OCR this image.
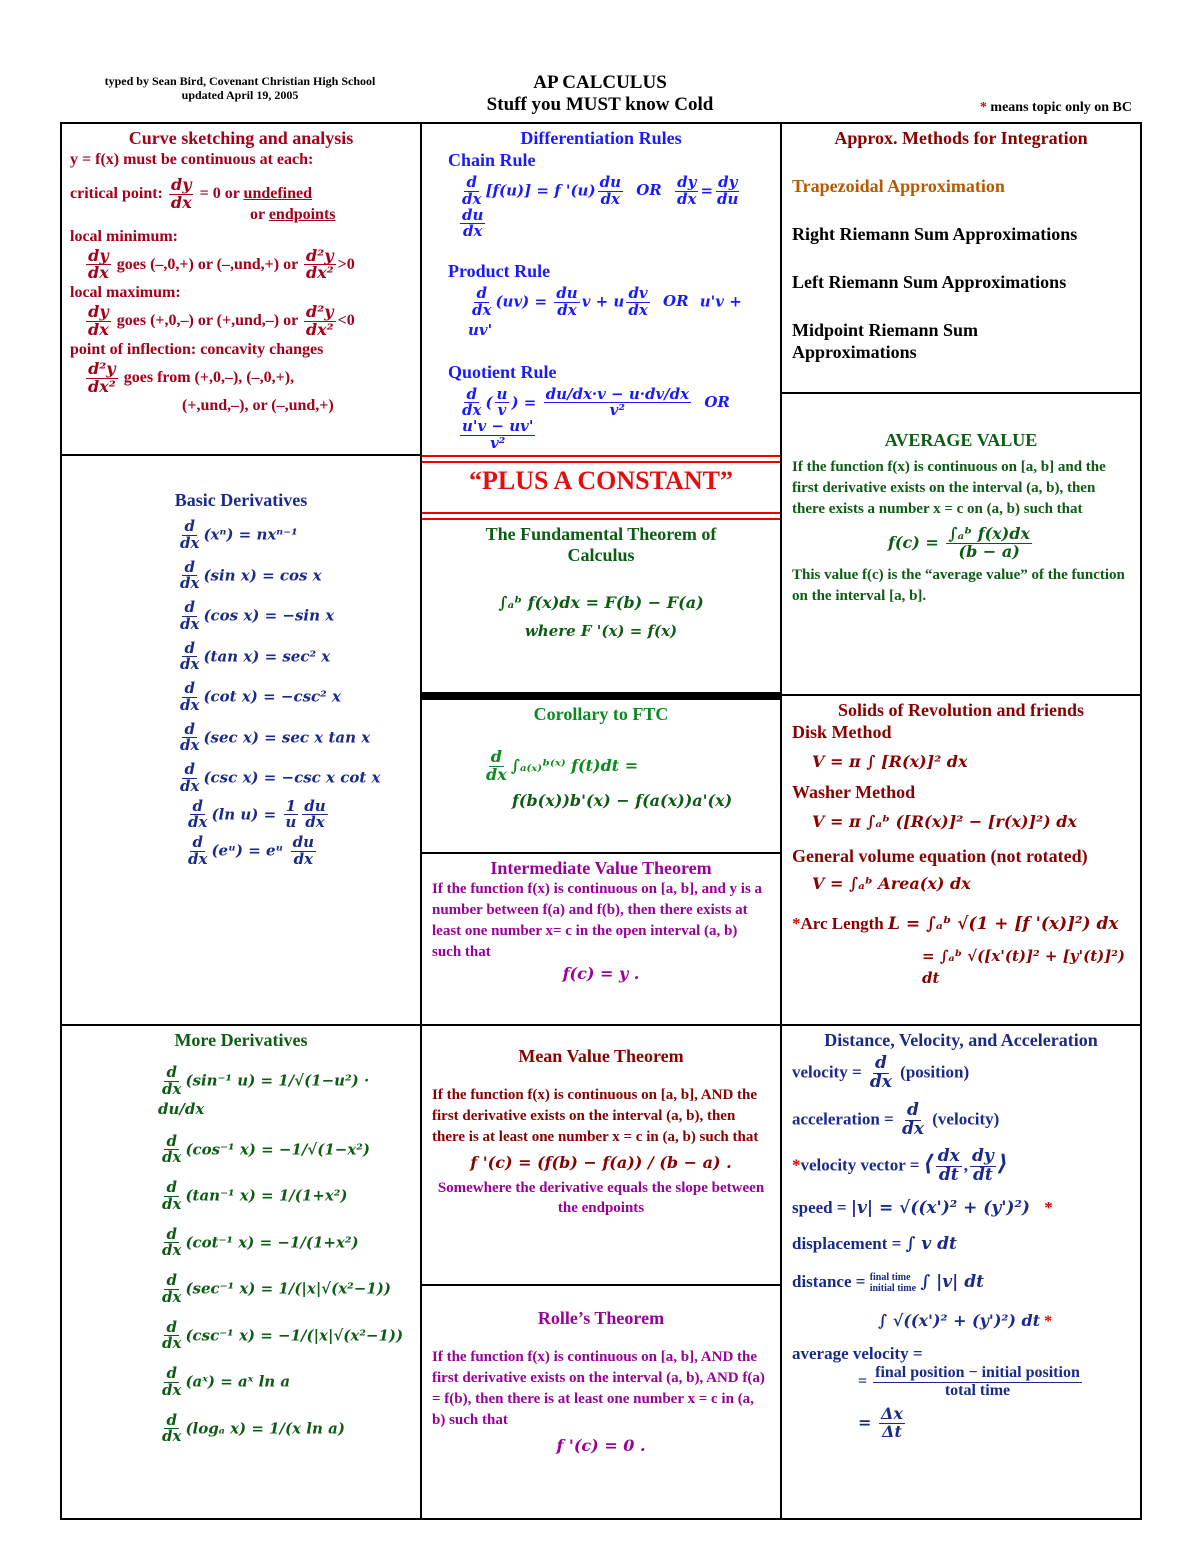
typed by Sean Bird, Covenant Christian High School
updated April 19, 2005
AP CALCULUS
Stuff you MUST know Cold	* means topic only on BC
Curve sketching and analysis
y = f(x) must be continuous at each:
critical point: $\frac{dy}{dx} = 0$ or undefined
or endpoints
local minimum:
$\frac{dy}{dx}$ goes (–,0,+) or (–,und,+) or $\frac{\text{d²y}}{\text{dx²}} >0$
local maximum:
$\frac{dy}{dx}$ goes (+,0,–) or (+,und,–) or $\frac{\text{d²y}}{\text{dx²}} <0$
point of inflection: concavity changes
$\frac{\text{d²y}}{\text{dx²}}$ goes from (+,0,–), (–,0,+),
(+,und,–), or (–,und,+)
Differentiation Rules
Chain Rule
$\frac{d}{dx} [f(u)] = f$ '$(u) \frac{du}{dx}$ OR $\frac{dy}{dx} = \frac{dy}{du}$
$\frac{du}{dx}$
Product Rule
$\frac{d}{dx} (uv) = \frac{du}{dx}$ v + u $\frac{dv}{dx}$ OR u'v + uv'
Quotient Rule
$\frac{d}{dx}$ ( $\frac{u}{v}$ ) = $\frac{du/dx\cdot v - u\cdot dv/dx}{\text{v²}}$ OR
$\frac{u'v - uv'}{\text{v²}}$
Approx. Methods for Integration
Trapezoidal Approximation
Right Riemann Sum Approximations
Left Riemann Sum Approximations
Midpoint Riemann Sum Approximations
“PLUS A CONSTANT”
The Fundamental Theorem of Calculus
∫ₐᵇ f(x)dx = F(b) − F(a)
where F '(x) = f(x)
AVERAGE VALUE
If the function f(x) is continuous on [a, b] and the first derivative exists on the interval (a, b), then there exists a number x = c on (a, b) such that
$f(c) = \frac{\text{∫ₐᵇ f(x)dx}}{(b - a)}$
This value f(c) is the “average value” of the function on the interval [a, b].
Basic Derivatives
$\frac{d}{dx} (x^n) = nx^{n-1}$
$\frac{d}{dx} (\sin$ x) = cos x
$\frac{d}{dx} (\cos$ x) = −sin x
$\frac{d}{dx} (\tan$ x) = sec² x
$\frac{d}{dx} (\cot$ x) = −csc² x
$\frac{d}{dx} (\sec$ x) = sec x tan x
$\frac{d}{dx} (\csc$ x) = −csc x cot x
$\frac{d}{dx} (\ln$ $u) = \frac{1}{u} \frac{du}{dx}$
$\frac{d}{dx}$ (eᵘ) = eᵘ $\frac{du}{dx}$
Corollary to FTC
$\frac{d}{dx}$ ∫ₐ₍ₓ₎ᵇ⁽ˣ⁾ f(t)dt =
f(b(x))b'(x) − f(a(x))a'(x)
Intermediate Value Theorem
If the function f(x) is continuous on [a, b], and y is a number between f(a) and f(b), then there exists at least one number x= c in the open interval (a, b) such that
f(c) = y .
Solids of Revolution and friends
Disk Method
V = π ∫ [R(x)]² dx
Washer Method
V = π ∫ₐᵇ ([R(x)]² − [r(x)]²) dx
General volume equation (not rotated)
V = ∫ₐᵇ Area(x) dx
*Arc Length L = ∫ₐᵇ √(1 + [f '(x)]²) dx
= ∫ₐᵇ √([x'(t)]² + [y'(t)]²) dt
More Derivatives
$\frac{d}{dx} (\sin^{-1}$ u) = 1/√(1−u²) · du/dx
$\frac{d}{dx} (\cos^{-1}$ x) = −1/√(1−x²)
$\frac{d}{dx} (\tan^{-1}$ x) = 1/(1+x²)
$\frac{d}{dx} (\cot^{-1}$ x) = −1/(1+x²)
$\frac{d}{dx} (\sec^{-1}$ x) = 1/(|x|√(x²−1))
$\frac{d}{dx} (\csc^{-1}$ x) = −1/(|x|√(x²−1))
$\frac{d}{dx}$ (aˣ) = aˣ ln a
$\frac{d}{dx} (\log_a$ x) = 1/(x ln a)
Mean Value Theorem
If the function f(x) is continuous on [a, b], AND the first derivative exists on the interval (a, b), then there is at least one number x = c in (a, b) such that
f '(c) = (f(b) − f(a)) / (b − a) .
Somewhere the derivative equals the slope between the endpoints
Rolle’s Theorem
If the function f(x) is continuous on [a, b], AND the first derivative exists on the interval (a, b), AND f(a) = f(b), then there is at least one number x = c in (a, b) such that
f '(c) = 0 .
Distance, Velocity, and Acceleration
velocity = $\frac{d}{dx}$ (position)
acceleration = $\frac{d}{dx}$ (velocity)
*velocity vector = ⟨ $\frac{dx}{dt}$ , $\frac{dy}{dt}$ ⟩
speed = |v| = √((x')² + (y')²) *
displacement = ∫ v dt
distance = final time
initial time ∫ |v| dt
∫ √((x')² + (y')²) dt *
average velocity =
= $\frac{\text{final position − initial position}}{\text{total time}}$
= $\frac{\Delta x}{\Delta t}$
